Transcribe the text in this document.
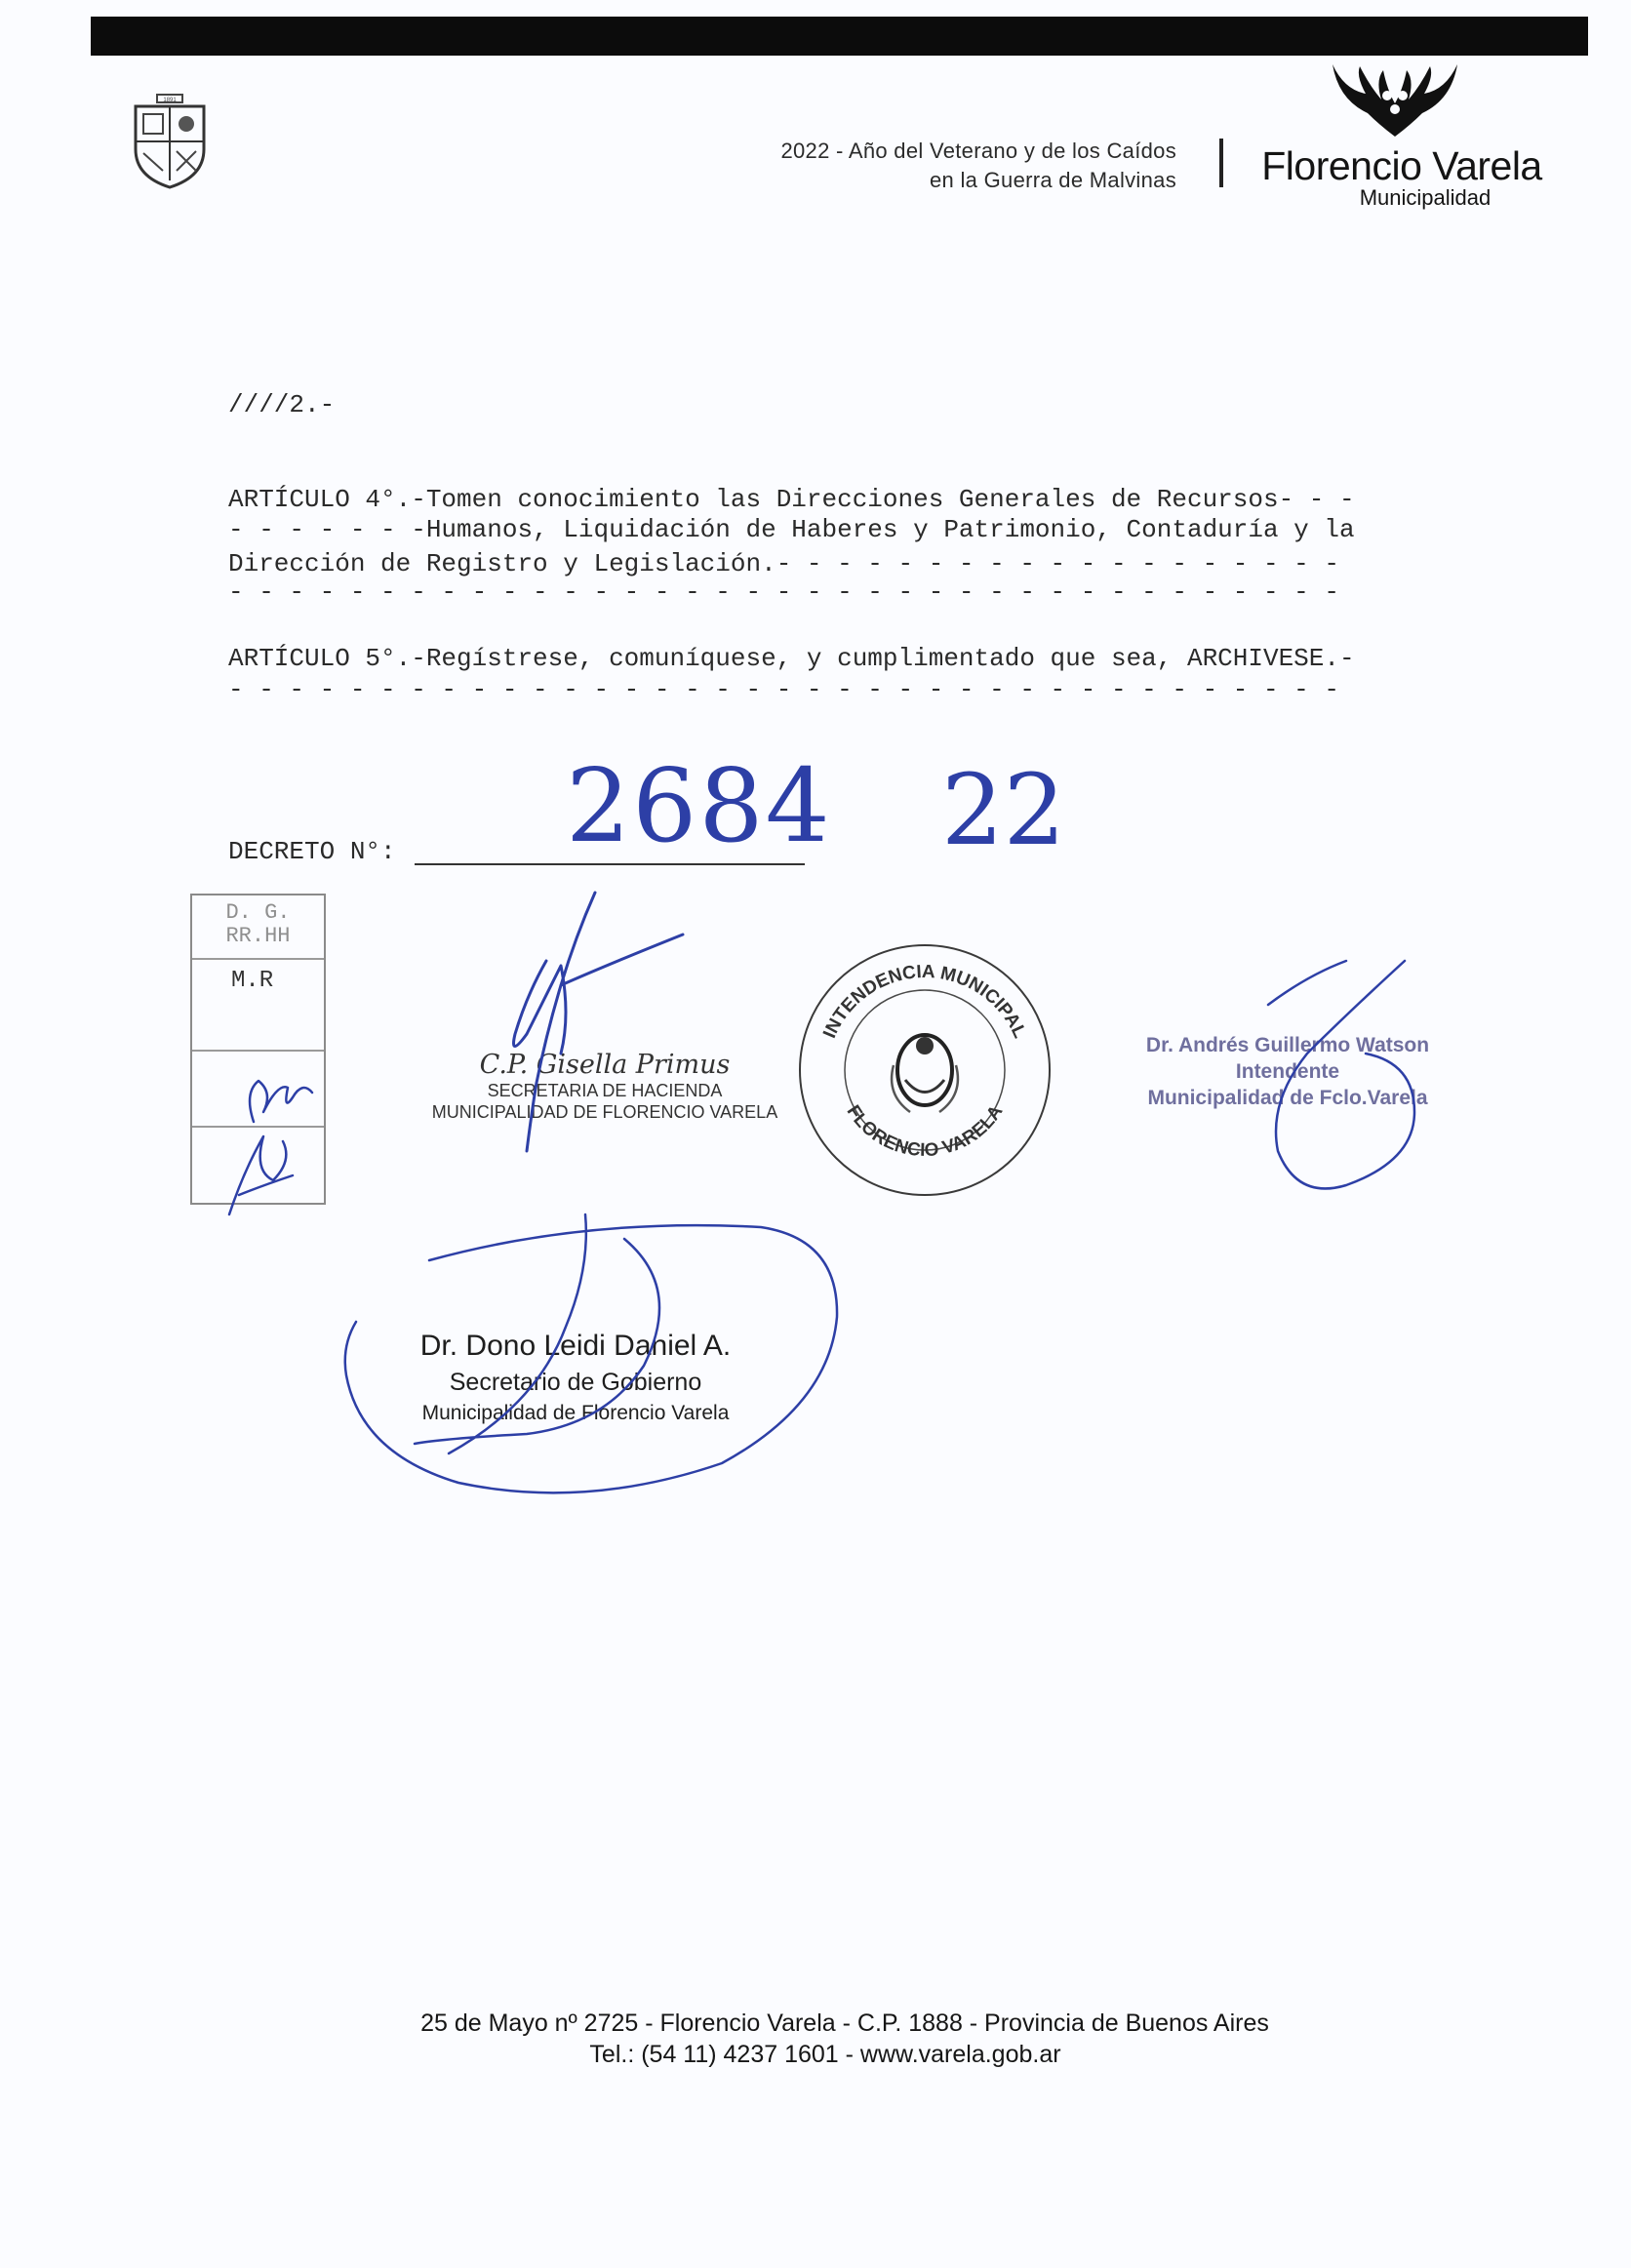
1891
2022 - Año del Veterano y de los Caídos
en la Guerra de Malvinas Florencio Varela
Municipalidad
////2.-
ARTÍCULO 4°.-Tomen conocimiento las Direcciones Generales de Recursos- - -
- - - - - - -Humanos, Liquidación de Haberes y Patrimonio, Contaduría y la
Dirección de Registro y Legislación.- - - - - - - - - - - - - - - - - - -
- - - - - - - - - - - - - - - - - - - - - - - - - - - - - - - - - - - - -
ARTÍCULO 5°.-Regístrese, comuníquese, y cumplimentado que sea, ARCHIVESE.-
- - - - - - - - - - - - - - - - - - - - - - - - - - - - - - - - - - - - -
DECRETO N°: 2684 22
D. G.
RR.HH
M.R
C.P. Gisella Primus
SECRETARIA DE HACIENDA
MUNICIPALIDAD DE FLORENCIO VARELA
INTENDENCIA MUNICIPAL
FLORENCIO VARELA
Dr. Andrés Guillermo Watson
Intendente
Municipalidad de Fclo.Varela
Dr. Dono Leidi Daniel A.
Secretario de Gobierno
Municipalidad de Florencio Varela
25 de Mayo nº 2725 - Florencio Varela - C.P. 1888 - Provincia de Buenos Aires
Tel.: (54 11) 4237 1601 - www.varela.gob.ar
